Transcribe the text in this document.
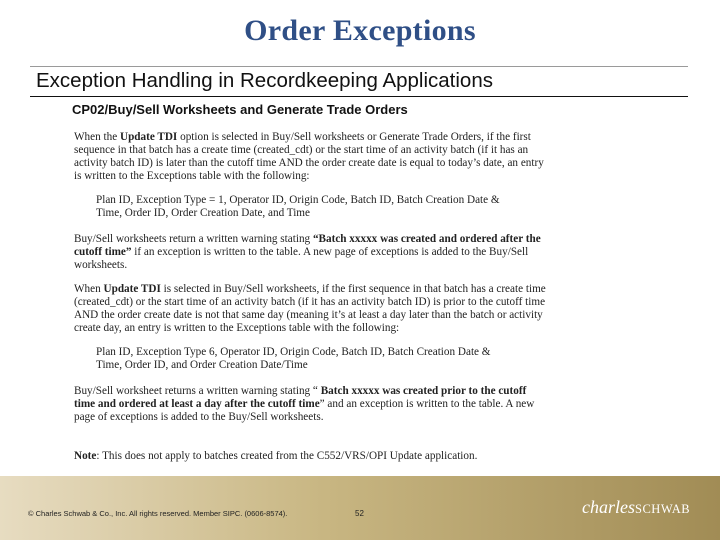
Order Exceptions
Exception Handling in Recordkeeping Applications
CP02/Buy/Sell Worksheets and Generate Trade Orders
When the Update TDI option is selected in Buy/Sell worksheets or Generate Trade Orders, if the first
sequence in that batch has a create time (created_cdt) or the start time of an activity batch (if it has an
activity batch ID) is later than the cutoff time AND the order create date is equal to today’s date, an entry
is written to the Exceptions table with the following:
Plan ID, Exception Type = 1, Operator ID, Origin Code, Batch ID, Batch Creation Date &
Time, Order ID, Order Creation Date, and Time
Buy/Sell worksheets return a written warning stating “Batch xxxxx was created and ordered after the
cutoff time” if an exception is written to the table. A new page of exceptions is added to the Buy/Sell
worksheets.
When Update TDI is selected in Buy/Sell worksheets, if the first sequence in that batch has a create time
(created_cdt) or the start time of an activity batch (if it has an activity batch ID) is prior to the cutoff time
AND the order create date is not that same day (meaning it’s at least a day later than the batch or activity
create day, an entry is written to the Exceptions table with the following:
Plan ID, Exception Type 6, Operator ID, Origin Code, Batch ID, Batch Creation Date &
Time, Order ID, and Order Creation Date/Time
Buy/Sell worksheet returns a written warning stating “ Batch xxxxx was created prior to the cutoff
time and ordered at least a day after the cutoff time” and an exception is written to the table. A new
page of exceptions is added to the Buy/Sell worksheets.
Note: This does not apply to batches created from the C552/VRS/OPI Update application.
© Charles Schwab & Co., Inc. All rights reserved. Member SIPC. (0606-8574).	52	charlesSCHWAB
